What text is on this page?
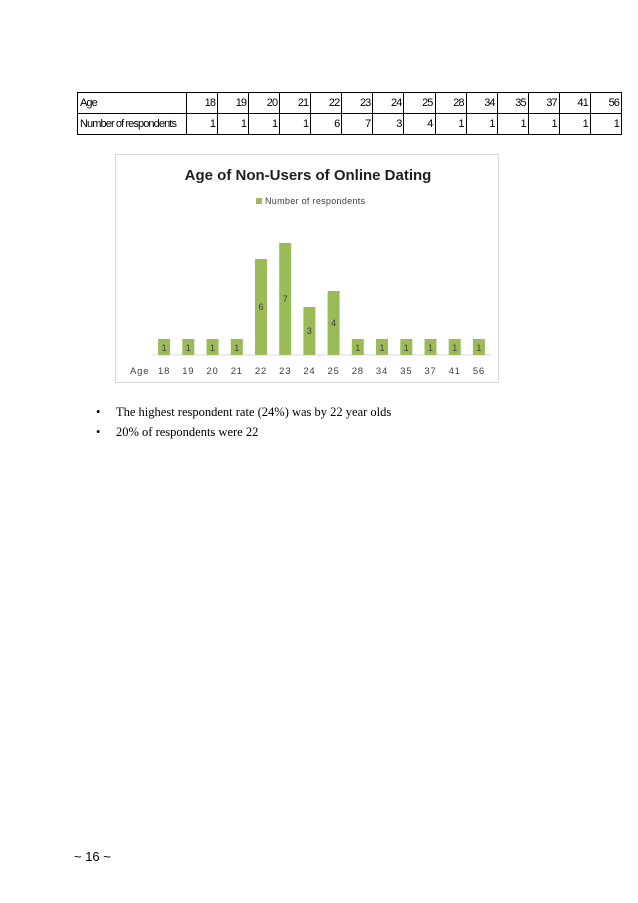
Age	18	19	20	21	22	23	24	25	28	34	35	37	41	56
Number of respondents	1	1	1	1	6	7	3	4	1	1	1	1	1	1
Age of Non-Users of Online Dating
Number of respondents
Age
1 1 1 1
6
7
3
4
1 1 1 1 1 1
18 19 20 21 22 23 24 25 28 34 35 37 41 56
• The highest respondent rate (24%) was by 22 year olds
• 20% of respondents were 22
~ 16 ~
